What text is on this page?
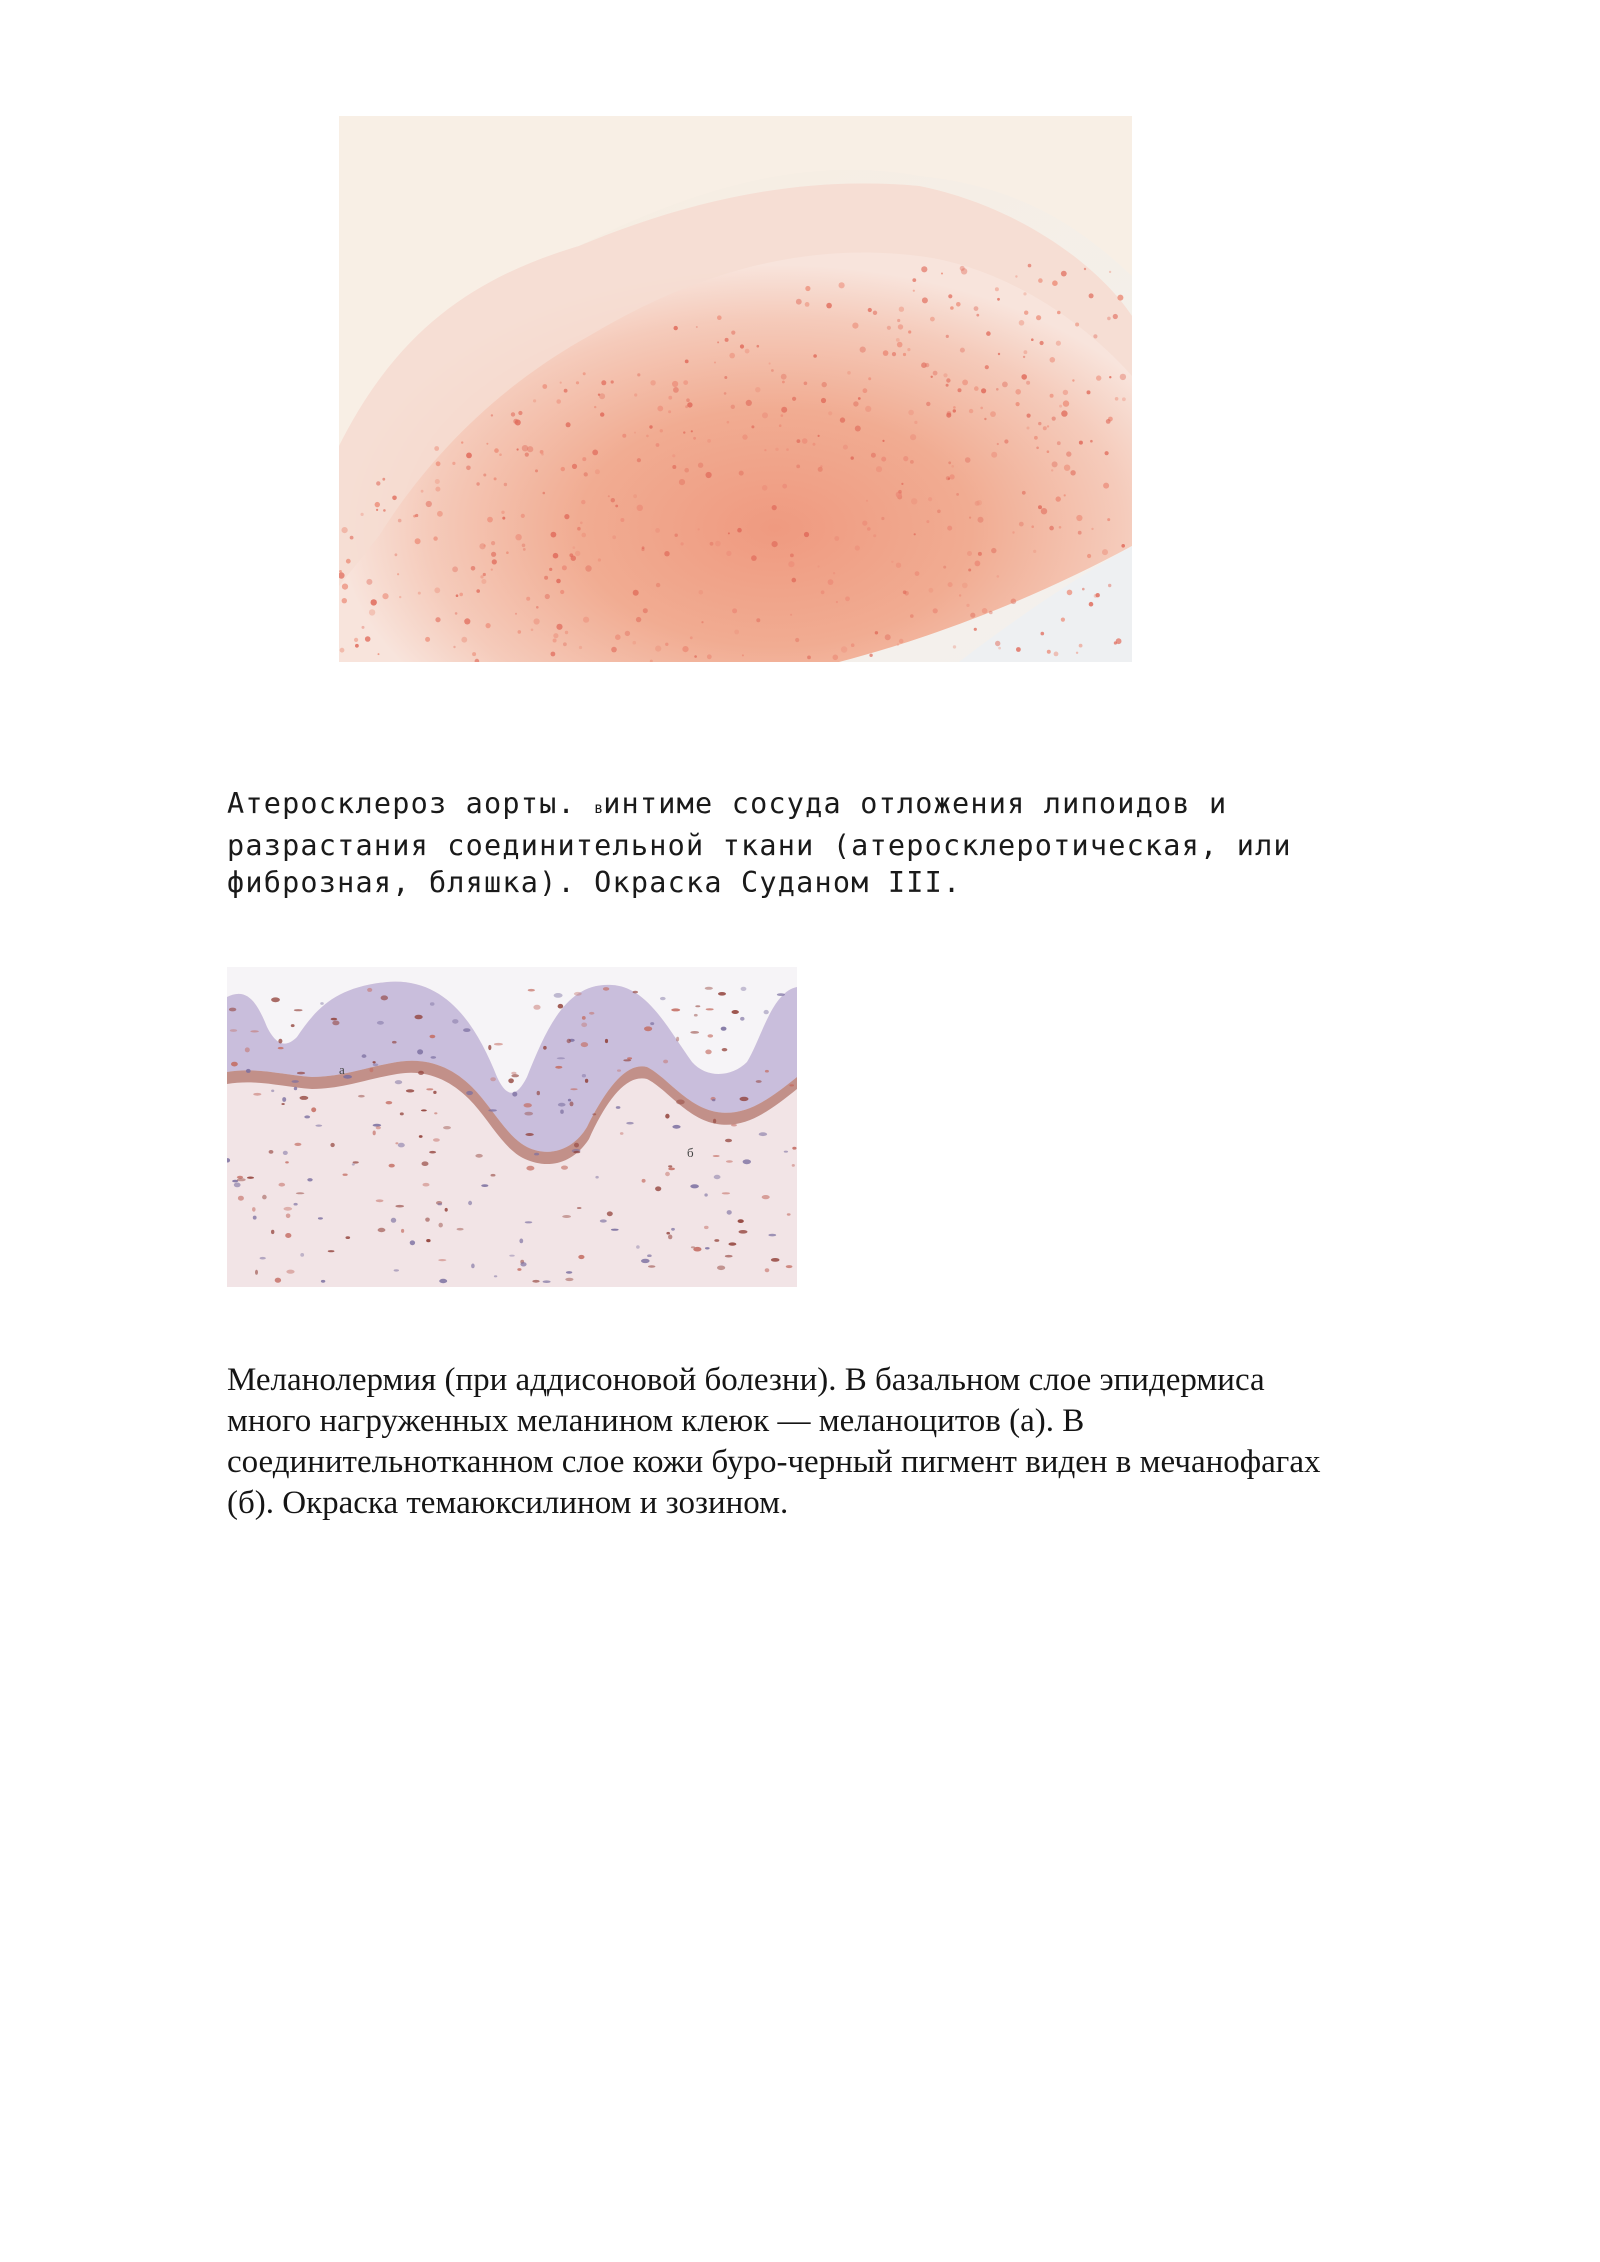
Атеросклероз аорты. винтиме сосуда отложения липоидов и
разрастания соединительной ткани (атеросклеротическая, или
фиброзная, бляшка). Окраска Суданом III.

а
б

Меланолермия (при аддисоновой болезни). В базальном слое эпидермиса
много нагруженных меланином клеюк — меланоцитов (а). В
соединительнотканном слое кожи буро-черный пигмент виден в мечанофагах
(б). Окраска темаюксилином и зозином.
